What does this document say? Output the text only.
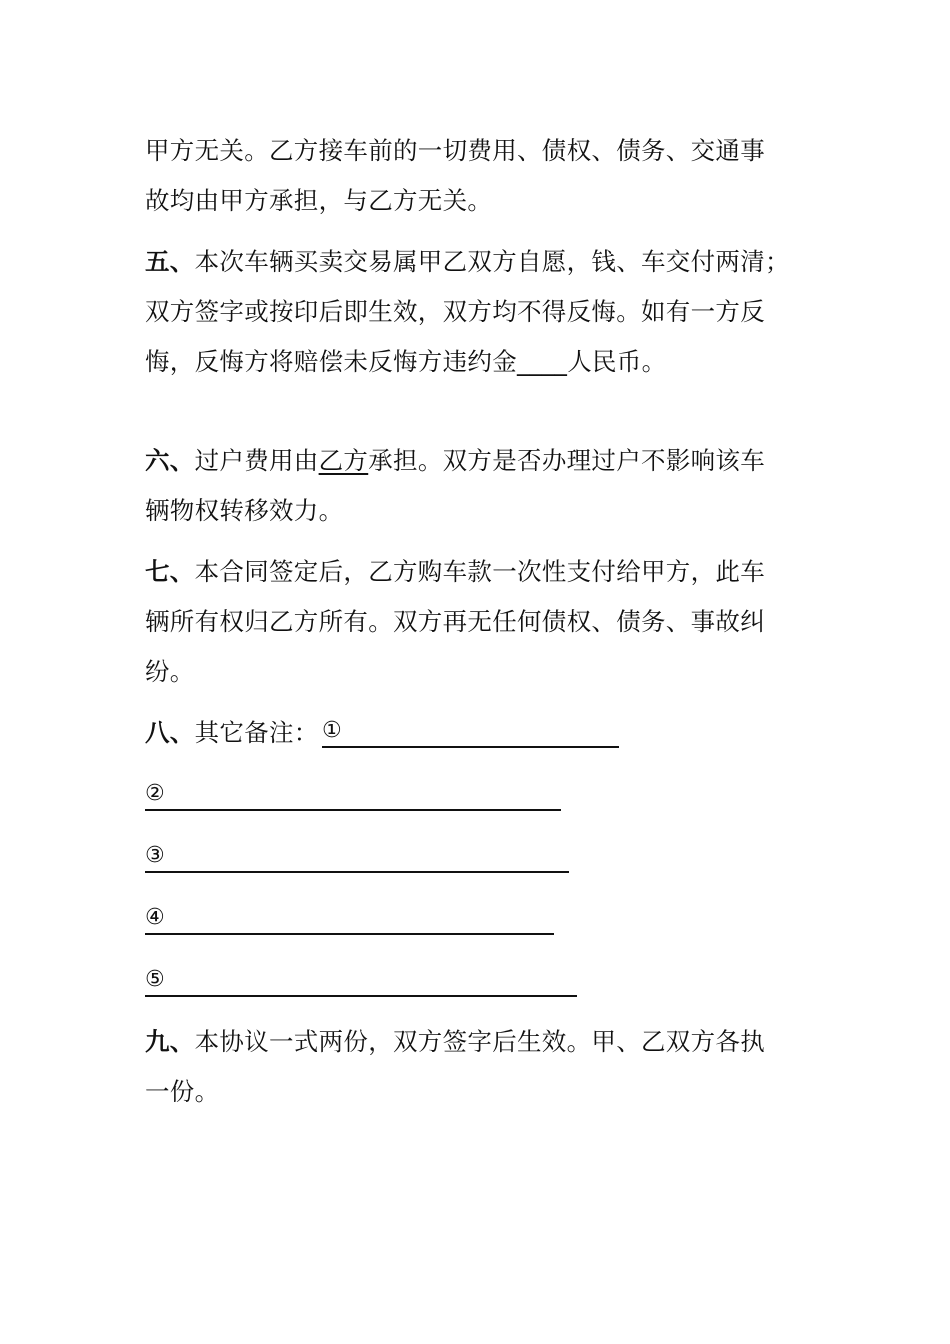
甲方无关。乙方接车前的一切费用、债权、债务、交通事
故均由甲方承担，与乙方无关。
五、本次车辆买卖交易属甲乙双方自愿，钱、车交付两清；
双方签字或按印后即生效，双方均不得反悔。如有一方反
悔，反悔方将赔偿未反悔方违约金____人民币。
六、过户费用由乙方承担。双方是否办理过户不影响该车
辆物权转移效力。
七、本合同签定后，乙方购车款一次性支付给甲方，此车
辆所有权归乙方所有。双方再无任何债权、债务、事故纠
纷。
八、其它备注： ①
②
③
④
⑤
九、本协议一式两份，双方签字后生效。甲、乙双方各执
一份。
